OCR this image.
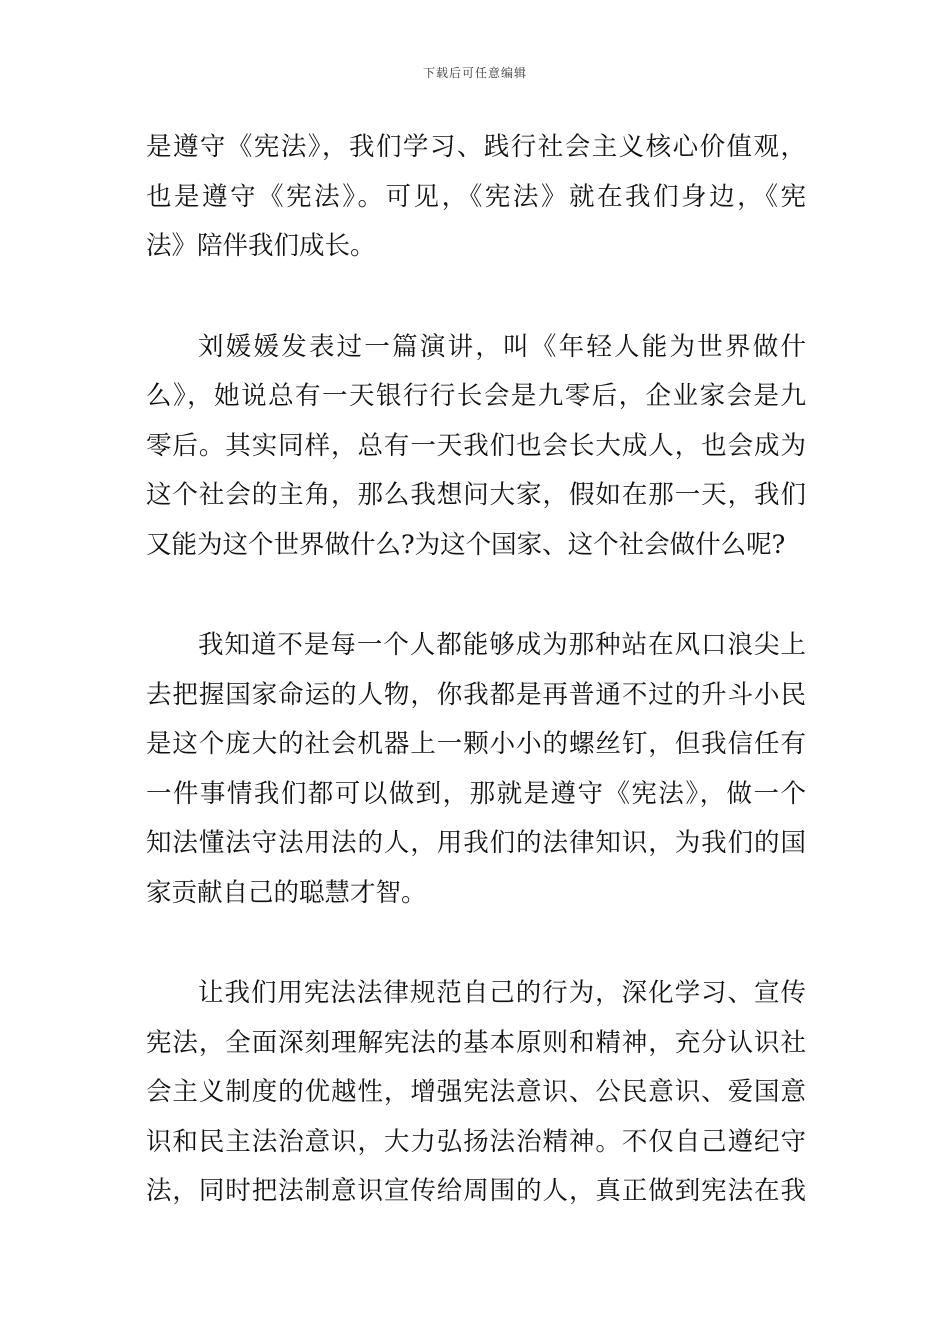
下载后可任意编辑
是遵守《宪法》，我们学习、践行社会主义核心价值观，
也是遵守《宪法》。可见，《宪法》就在我们身边，《宪
法》陪伴我们成长。
刘媛媛发表过一篇演讲，叫《年轻人能为世界做什
么》，她说总有一天银行行长会是九零后，企业家会是九
零后。其实同样，总有一天我们也会长大成人，也会成为
这个社会的主角，那么我想问大家，假如在那一天，我们
又能为这个世界做什么?为这个国家、这个社会做什么呢?
我知道不是每一个人都能够成为那种站在风口浪尖上
去把握国家命运的人物，你我都是再普通不过的升斗小民
是这个庞大的社会机器上一颗小小的螺丝钉，但我信任有
一件事情我们都可以做到，那就是遵守《宪法》，做一个
知法懂法守法用法的人，用我们的法律知识，为我们的国
家贡献自己的聪慧才智。
让我们用宪法法律规范自己的行为，深化学习、宣传
宪法，全面深刻理解宪法的基本原则和精神，充分认识社
会主义制度的优越性，增强宪法意识、公民意识、爱国意
识和民主法治意识，大力弘扬法治精神。不仅自己遵纪守
法，同时把法制意识宣传给周围的人，真正做到宪法在我
